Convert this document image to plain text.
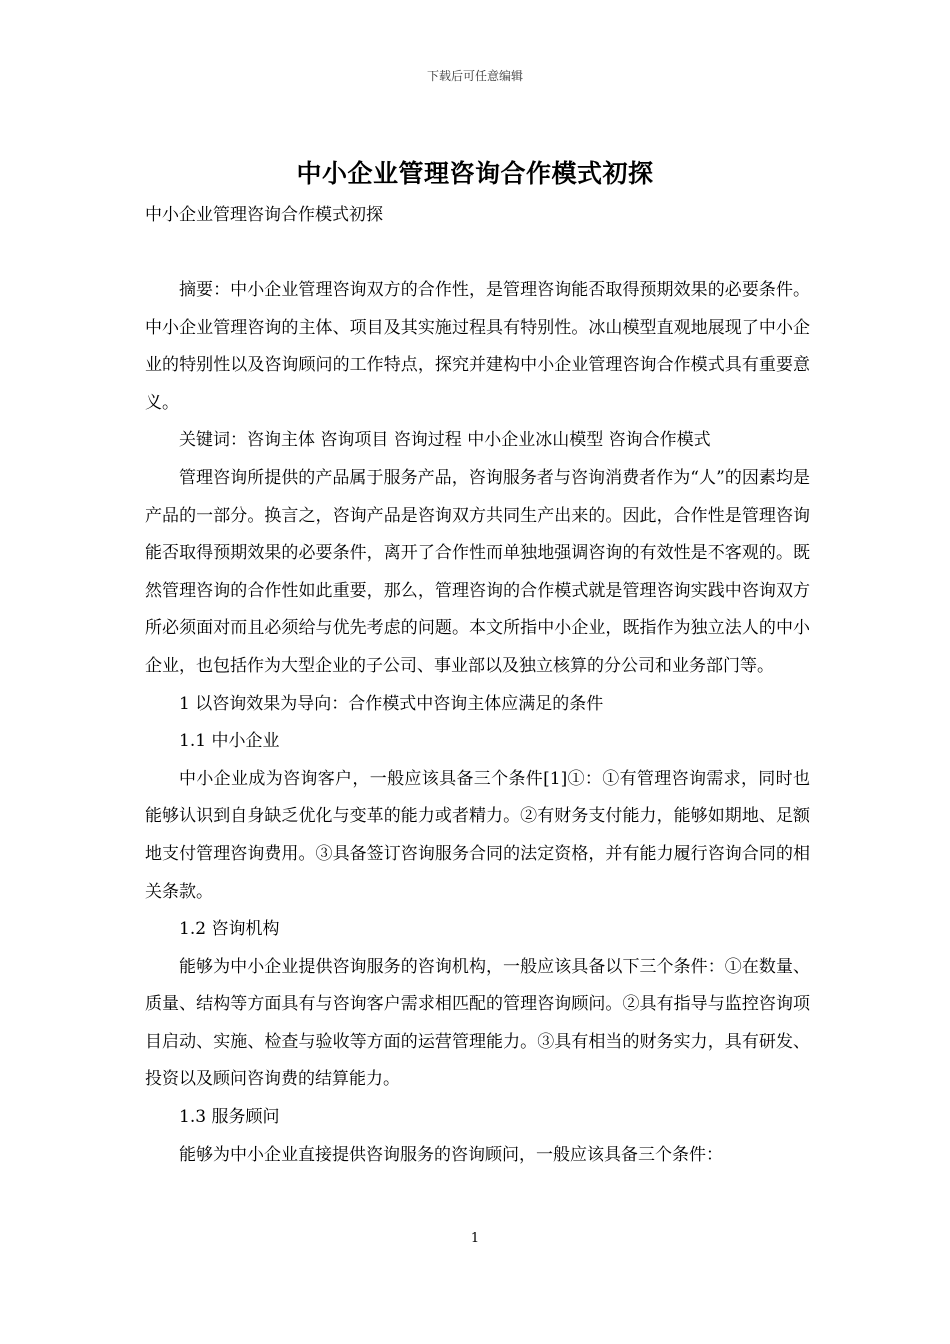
下载后可任意编辑
中小企业管理咨询合作模式初探
中小企业管理咨询合作模式初探

摘要：中小企业管理咨询双方的合作性，是管理咨询能否取得预期效果的必要条件。中小企业管理咨询的主体、项目及其实施过程具有特别性。冰山模型直观地展现了中小企业的特别性以及咨询顾问的工作特点，探究并建构中小企业管理咨询合作模式具有重要意义。

关键词：咨询主体 咨询项目 咨询过程 中小企业冰山模型 咨询合作模式

管理咨询所提供的产品属于服务产品，咨询服务者与咨询消费者作为“人”的因素均是产品的一部分。换言之，咨询产品是咨询双方共同生产出来的。因此，合作性是管理咨询能否取得预期效果的必要条件，离开了合作性而单独地强调咨询的有效性是不客观的。既然管理咨询的合作性如此重要，那么，管理咨询的合作模式就是管理咨询实践中咨询双方所必须面对而且必须给与优先考虑的问题。本文所指中小企业，既指作为独立法人的中小企业，也包括作为大型企业的子公司、事业部以及独立核算的分公司和业务部门等。

1 以咨询效果为导向：合作模式中咨询主体应满足的条件

1.1 中小企业

中小企业成为咨询客户，一般应该具备三个条件[1]①：①有管理咨询需求，同时也能够认识到自身缺乏优化与变革的能力或者精力。②有财务支付能力，能够如期地、足额地支付管理咨询费用。③具备签订咨询服务合同的法定资格，并有能力履行咨询合同的相关条款。

1.2 咨询机构

能够为中小企业提供咨询服务的咨询机构，一般应该具备以下三个条件：①在数量、质量、结构等方面具有与咨询客户需求相匹配的管理咨询顾问。②具有指导与监控咨询项目启动、实施、检查与验收等方面的运营管理能力。③具有相当的财务实力，具有研发、投资以及顾问咨询费的结算能力。

1.3 服务顾问

能够为中小企业直接提供咨询服务的咨询顾问，一般应该具备三个条件：

1
